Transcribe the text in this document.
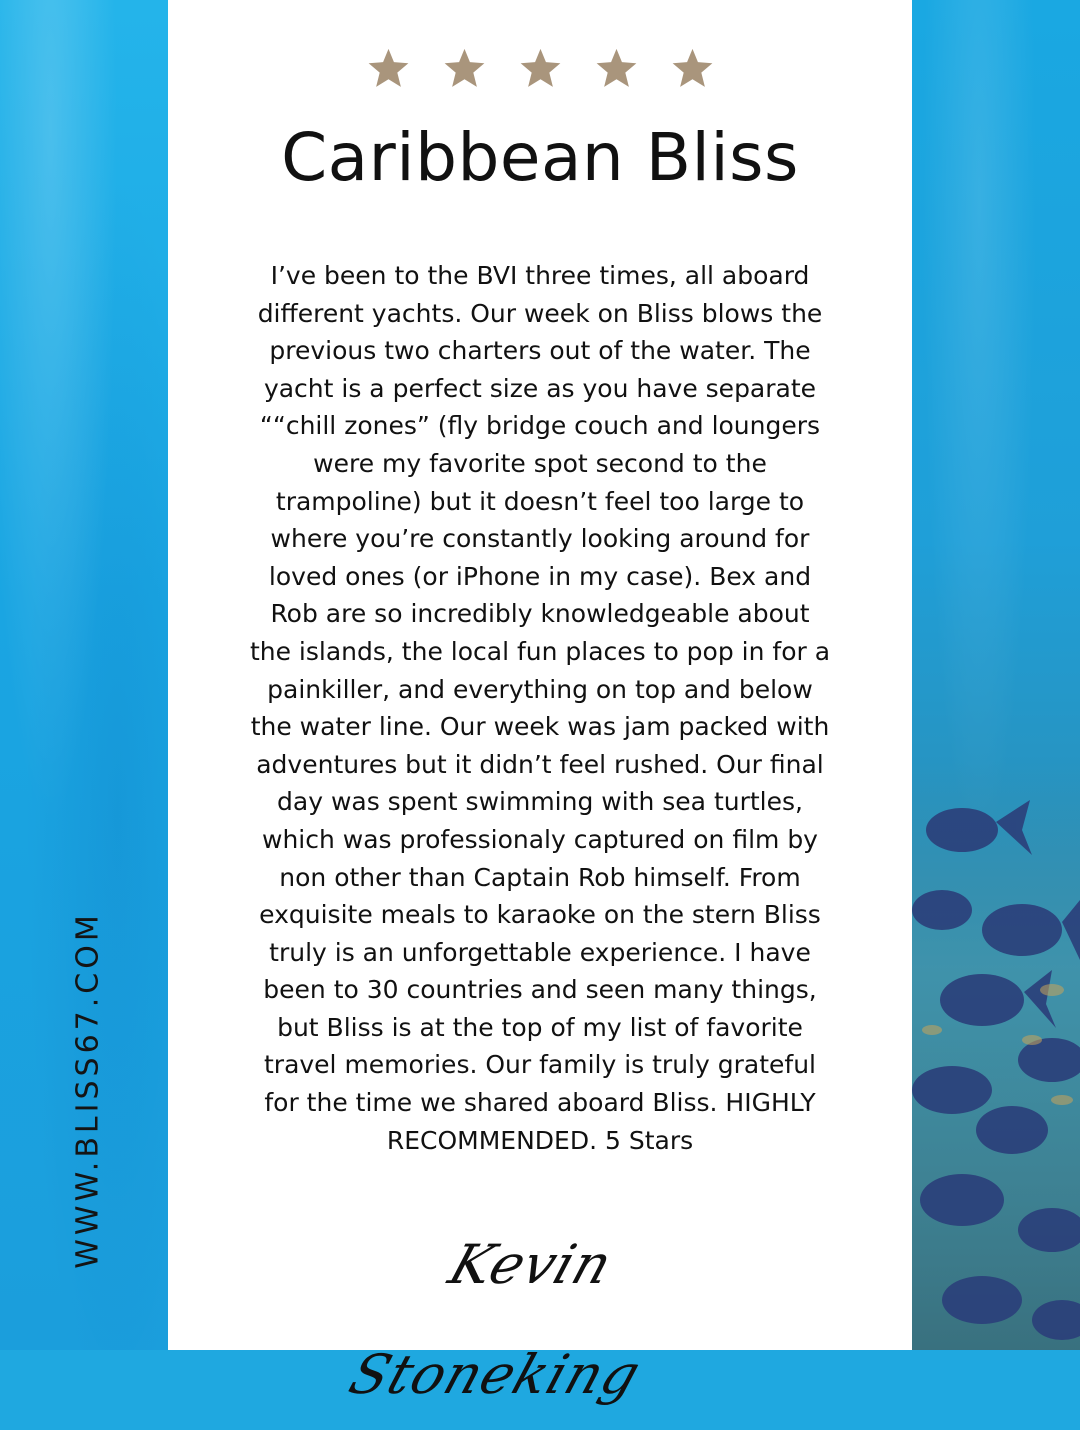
WWW.BLISS67.COM
Caribbean Bliss

I’ve been to the BVI three times, all aboard
different yachts. Our week on Bliss blows the
previous two charters out of the water. The
yacht is a perfect size as you have separate
““chill zones” (fly bridge couch and loungers
were my favorite spot second to the
trampoline) but it doesn’t feel too large to
where you’re constantly looking around for
loved ones (or iPhone in my case). Bex and
Rob are so incredibly knowledgeable about
the islands, the local fun places to pop in for a
painkiller, and everything on top and below
the water line. Our week was jam packed with
adventures but it didn’t feel rushed. Our final
day was spent swimming with sea turtles,
which was professionaly captured on film by
non other than Captain Rob himself. From
exquisite meals to karaoke on the stern Bliss
truly is an unforgettable experience. I have
been to 30 countries and seen many things,
but Bliss is at the top of my list of favorite
travel memories. Our family is truly grateful
for the time we shared aboard Bliss. HIGHLY
RECOMMENDED. 5 Stars

Kevin Stoneking
